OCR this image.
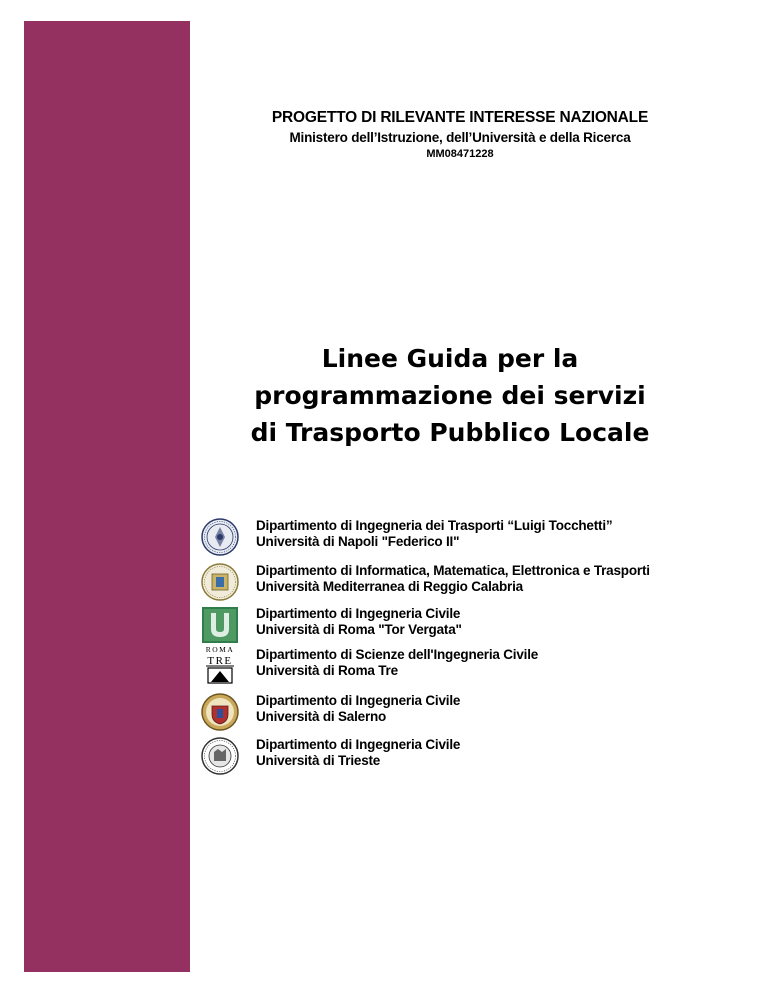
PROGETTO DI RILEVANTE INTERESSE NAZIONALE
Ministero dell’Istruzione, dell’Università e della Ricerca
MM08471228
Linee Guida per la
programmazione dei servizi
di Trasporto Pubblico Locale
Dipartimento di Ingegneria dei Trasporti “Luigi Tocchetti”
Università di Napoli "Federico II"
Dipartimento di Informatica, Matematica, Elettronica e Trasporti
Università Mediterranea di Reggio Calabria
Dipartimento di Ingegneria Civile
Università di Roma "Tor Vergata"
ROMA
TRE Dipartimento di Scienze dell'Ingegneria Civile
Università di Roma Tre
Dipartimento di Ingegneria Civile
Università di Salerno
Dipartimento di Ingegneria Civile
Università di Trieste
